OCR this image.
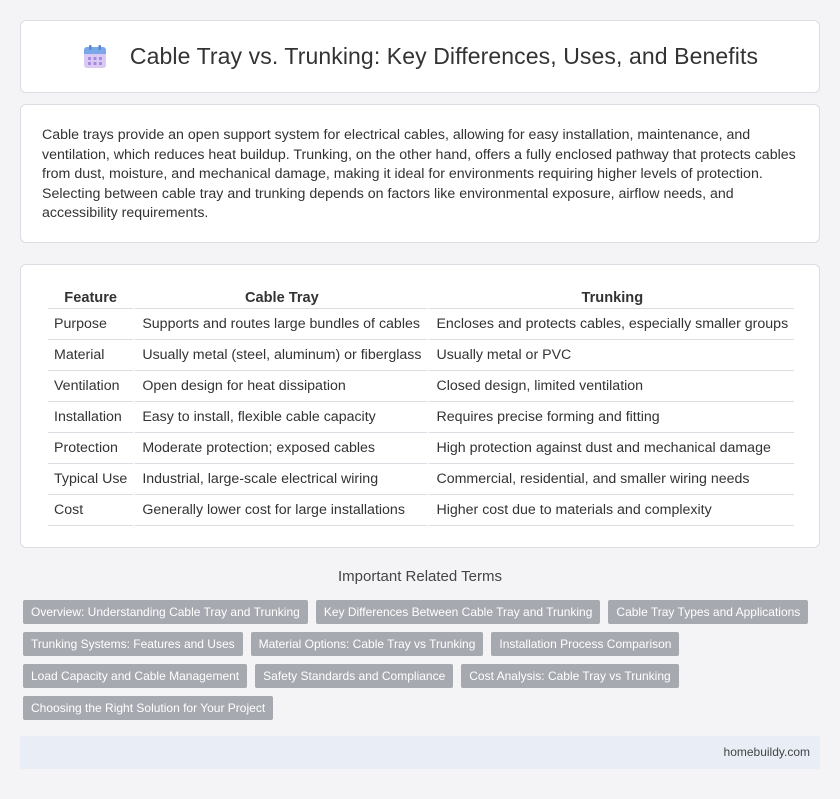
Cable Tray vs. Trunking: Key Differences, Uses, and Benefits

Cable trays provide an open support system for electrical cables, allowing for easy installation, maintenance, and ventilation, which reduces heat buildup. Trunking, on the other hand, offers a fully enclosed pathway that protects cables from dust, moisture, and mechanical damage, making it ideal for environments requiring higher levels of protection. Selecting between cable tray and trunking depends on factors like environmental exposure, airflow needs, and accessibility requirements.

Feature	Cable Tray	Trunking
Purpose	Supports and routes large bundles of cables	Encloses and protects cables, especially smaller groups
Material	Usually metal (steel, aluminum) or fiberglass	Usually metal or PVC
Ventilation	Open design for heat dissipation	Closed design, limited ventilation
Installation	Easy to install, flexible cable capacity	Requires precise forming and fitting
Protection	Moderate protection; exposed cables	High protection against dust and mechanical damage
Typical Use	Industrial, large-scale electrical wiring	Commercial, residential, and smaller wiring needs
Cost	Generally lower cost for large installations	Higher cost due to materials and complexity
Important Related Terms
Overview: Understanding Cable Tray and Trunking	Key Differences Between Cable Tray and Trunking	Cable Tray Types and Applications
Trunking Systems: Features and Uses	Material Options: Cable Tray vs Trunking	Installation Process Comparison
Load Capacity and Cable Management	Safety Standards and Compliance	Cost Analysis: Cable Tray vs Trunking
Choosing the Right Solution for Your Project
homebuildy.com
